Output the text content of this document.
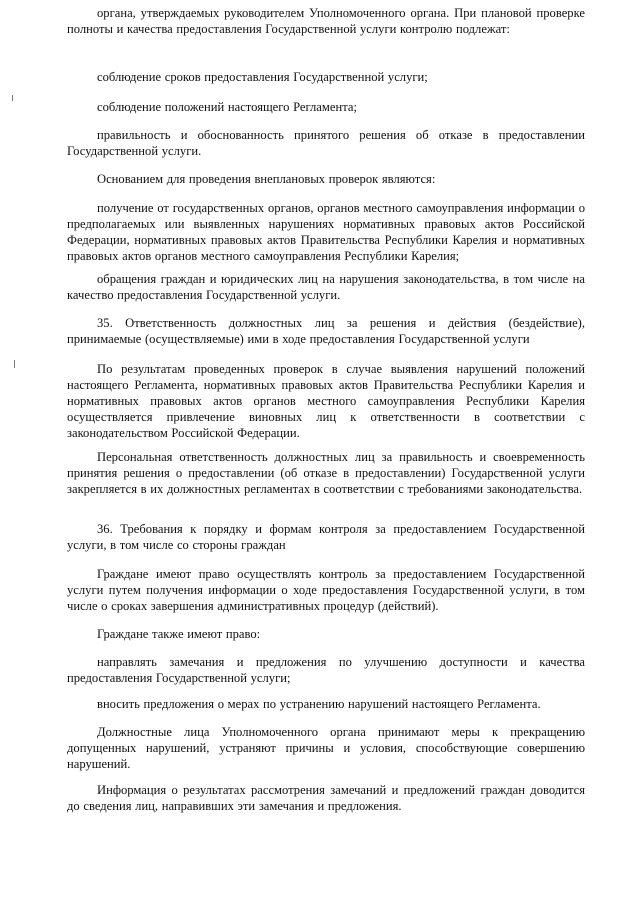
органа, утверждаемых руководителем Уполномоченного органа. При плановой проверке полноты и качества предоставления Государственной услуги контролю подлежат:

соблюдение сроков предоставления Государственной услуги;

соблюдение положений настоящего Регламента;

правильность и обоснованность принятого решения об отказе в предоставлении Государственной услуги.

Основанием для проведения внеплановых проверок являются:

получение от государственных органов, органов местного самоуправления информации о предполагаемых или выявленных нарушениях нормативных правовых актов Российской Федерации, нормативных правовых актов Правительства Республики Карелия и нормативных правовых актов органов местного самоуправления Республики Карелия;

обращения граждан и юридических лиц на нарушения законодательства, в том числе на качество предоставления Государственной услуги.

35. Ответственность должностных лиц за решения и действия (бездействие), принимаемые (осуществляемые) ими в ходе предоставления Государственной услуги

По результатам проведенных проверок в случае выявления нарушений положений настоящего Регламента, нормативных правовых актов Правительства Республики Карелия и нормативных правовых актов органов местного самоуправления Республики Карелия осуществляется привлечение виновных лиц к ответственности в соответствии с законодательством Российской Федерации.

Персональная ответственность должностных лиц за правильность и своевременность принятия решения о предоставлении (об отказе в предоставлении) Государственной услуги закрепляется в их должностных регламентах в соответствии с требованиями законодательства.

36. Требования к порядку и формам контроля за предоставлением Государственной услуги, в том числе со стороны граждан

Граждане имеют право осуществлять контроль за предоставлением Государственной услуги путем получения информации о ходе предоставления Государственной услуги, в том числе о сроках завершения административных процедур (действий).

Граждане также имеют право:

направлять замечания и предложения по улучшению доступности и качества предоставления Государственной услуги;

вносить предложения о мерах по устранению нарушений настоящего Регламента.

Должностные лица Уполномоченного органа принимают меры к прекращению допущенных нарушений, устраняют причины и условия, способствующие совершению нарушений.

Информация о результатах рассмотрения замечаний и предложений граждан доводится до сведения лиц, направивших эти замечания и предложения.
